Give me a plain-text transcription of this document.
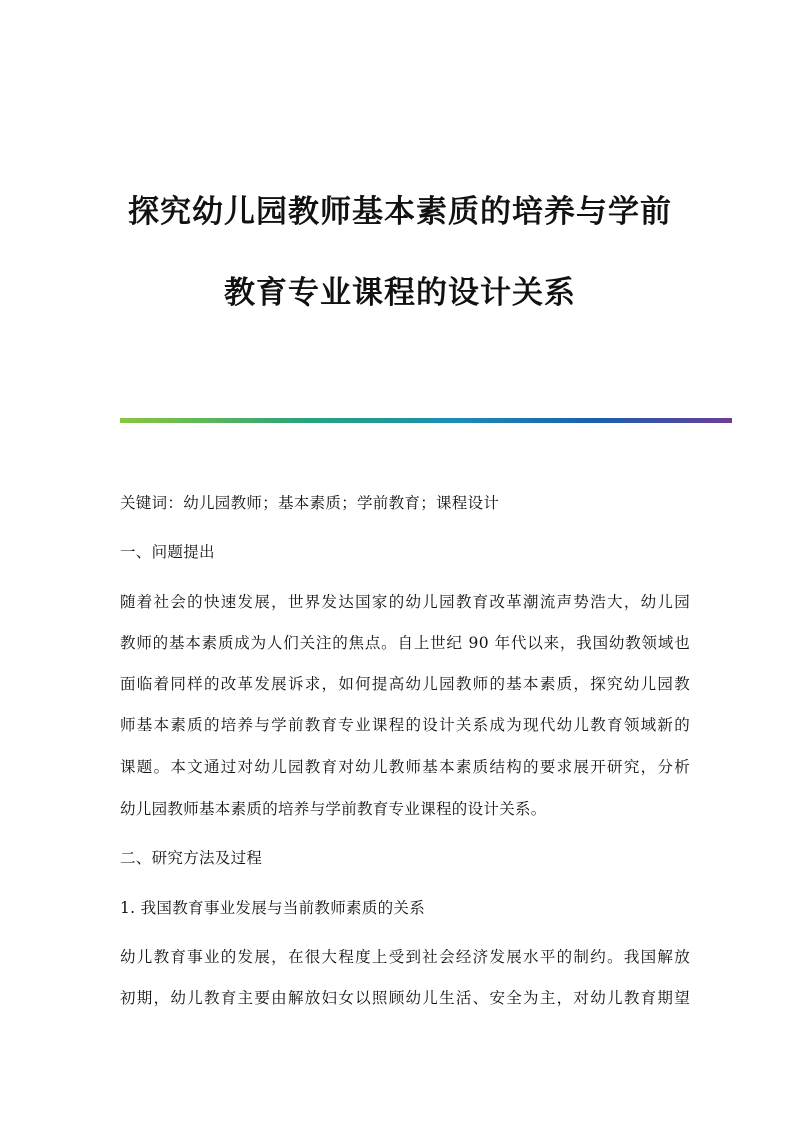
探究幼儿园教师基本素质的培养与学前
教育专业课程的设计关系
关键词：幼儿园教师；基本素质；学前教育；课程设计
一、问题提出
随着社会的快速发展，世界发达国家的幼儿园教育改革潮流声势浩大，幼儿园
教师的基本素质成为人们关注的焦点。自上世纪 90 年代以来，我国幼教领域也
面临着同样的改革发展诉求，如何提高幼儿园教师的基本素质，探究幼儿园教
师基本素质的培养与学前教育专业课程的设计关系成为现代幼儿教育领域新的
课题。本文通过对幼儿园教育对幼儿教师基本素质结构的要求展开研究，分析
幼儿园教师基本素质的培养与学前教育专业课程的设计关系。
二、研究方法及过程
1. 我国教育事业发展与当前教师素质的关系
幼儿教育事业的发展，在很大程度上受到社会经济发展水平的制约。我国解放
初期，幼儿教育主要由解放妇女以照顾幼儿生活、安全为主，对幼儿教育期望
